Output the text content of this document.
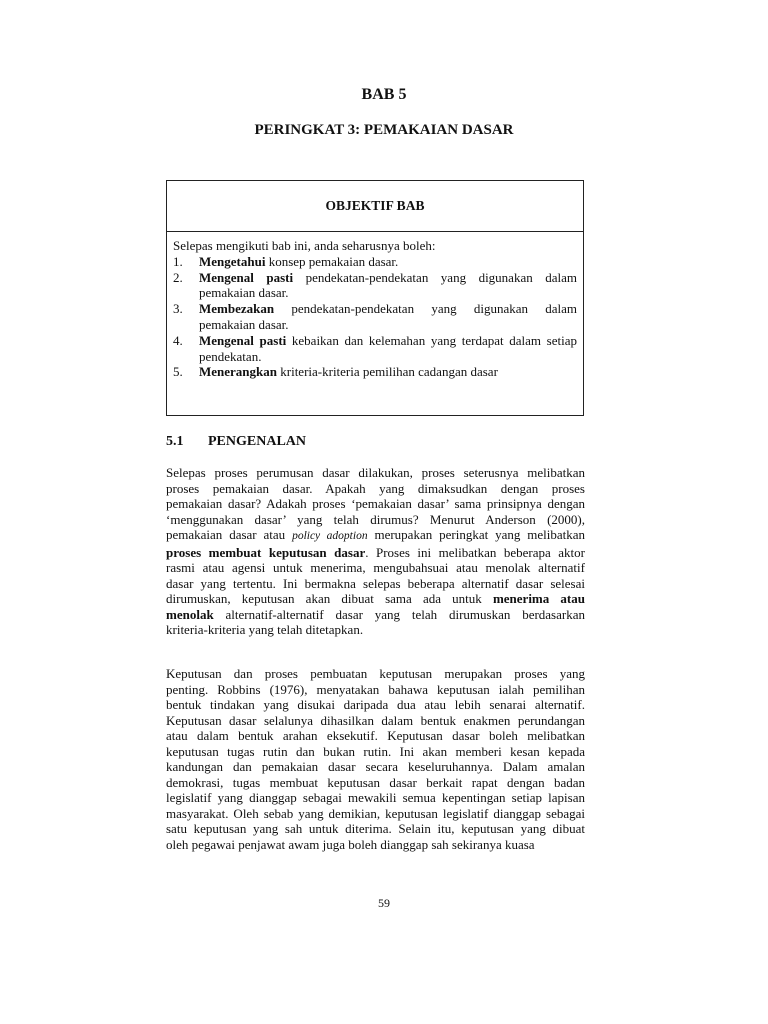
BAB 5
PERINGKAT 3: PEMAKAIAN DASAR
OBJEKTIF BAB
Selepas mengikuti bab ini, anda seharusnya boleh:
1.	Mengetahui konsep pemakaian dasar.
2.	Mengenal pasti pendekatan-pendekatan yang digunakan dalam pemakaian dasar.
3.	Membezakan pendekatan-pendekatan yang digunakan dalam pemakaian dasar.
4.	Mengenal pasti kebaikan dan kelemahan yang terdapat dalam setiap pendekatan.
5.	Menerangkan kriteria-kriteria pemilihan cadangan dasar
5.1 PENGENALAN
Selepas proses perumusan dasar dilakukan, proses seterusnya melibatkan
proses pemakaian dasar. Apakah yang dimaksudkan dengan proses
pemakaian dasar? Adakah proses ‘pemakaian dasar’ sama prinsipnya dengan
‘menggunakan dasar’ yang telah dirumus? Menurut Anderson (2000),
pemakaian dasar atau policy adoption merupakan peringkat yang melibatkan
proses membuat keputusan dasar. Proses ini melibatkan beberapa aktor
rasmi atau agensi untuk menerima, mengubahsuai atau menolak alternatif
dasar yang tertentu. Ini bermakna selepas beberapa alternatif dasar selesai
dirumuskan, keputusan akan dibuat sama ada untuk menerima atau
menolak alternatif-alternatif dasar yang telah dirumuskan berdasarkan
kriteria-kriteria yang telah ditetapkan.
Keputusan dan proses pembuatan keputusan merupakan proses yang
penting. Robbins (1976), menyatakan bahawa keputusan ialah pemilihan
bentuk tindakan yang disukai daripada dua atau lebih senarai alternatif.
Keputusan dasar selalunya dihasilkan dalam bentuk enakmen perundangan
atau dalam bentuk arahan eksekutif. Keputusan dasar boleh melibatkan
keputusan tugas rutin dan bukan rutin. Ini akan memberi kesan kepada
kandungan dan pemakaian dasar secara keseluruhannya. Dalam amalan
demokrasi, tugas membuat keputusan dasar berkait rapat dengan badan
legislatif yang dianggap sebagai mewakili semua kepentingan setiap lapisan
masyarakat. Oleh sebab yang demikian, keputusan legislatif dianggap sebagai
satu keputusan yang sah untuk diterima. Selain itu, keputusan yang dibuat
oleh pegawai penjawat awam juga boleh dianggap sah sekiranya kuasa
59
